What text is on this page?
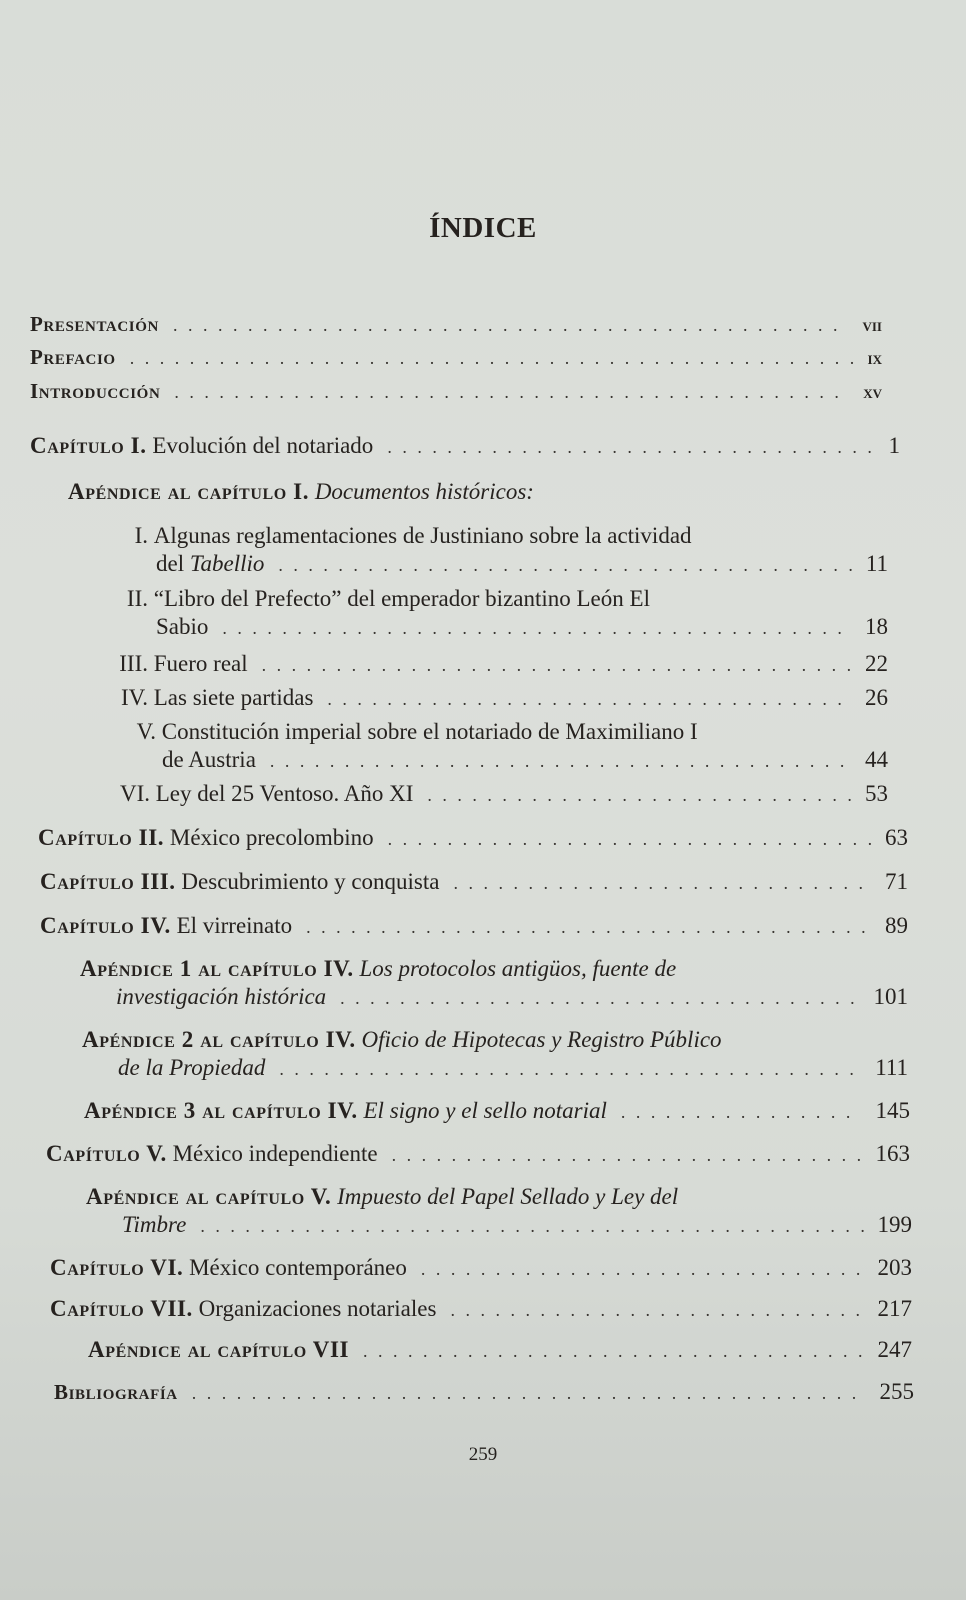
ÍNDICE
Presentación . . .	vii
Prefacio . . .	ix
Introducción . . .	xv
Capítulo I. Evolución del notariado . . .	1
Apéndice al capítulo I. Documentos históricos:
I. Algunas reglamentaciones de Justiniano sobre la actividad
del Tabellio . . .	11
II. “Libro del Prefecto” del emperador bizantino León El
Sabio . . .	18
III. Fuero real . . .	22
IV. Las siete partidas . . .	26
V. Constitución imperial sobre el notariado de Maximiliano I
de Austria . . .	44
VI. Ley del 25 Ventoso. Año XI . . .	53
Capítulo II. México precolombino . . .	63
Capítulo III. Descubrimiento y conquista . . .	71
Capítulo IV. El virreinato . . .	89
Apéndice 1 al capítulo IV. Los protocolos antigüos, fuente de
investigación histórica . . .	101
Apéndice 2 al capítulo IV. Oficio de Hipotecas y Registro Público
de la Propiedad . . .	111
Apéndice 3 al capítulo IV. El signo y el sello notarial . . .	145
Capítulo V. México independiente . . .	163
Apéndice al capítulo V. Impuesto del Papel Sellado y Ley del
Timbre . . .	199
Capítulo VI. México contemporáneo . . .	203
Capítulo VII. Organizaciones notariales . . .	217
Apéndice al capítulo VII . . .	247
Bibliografía . . .	255
259
